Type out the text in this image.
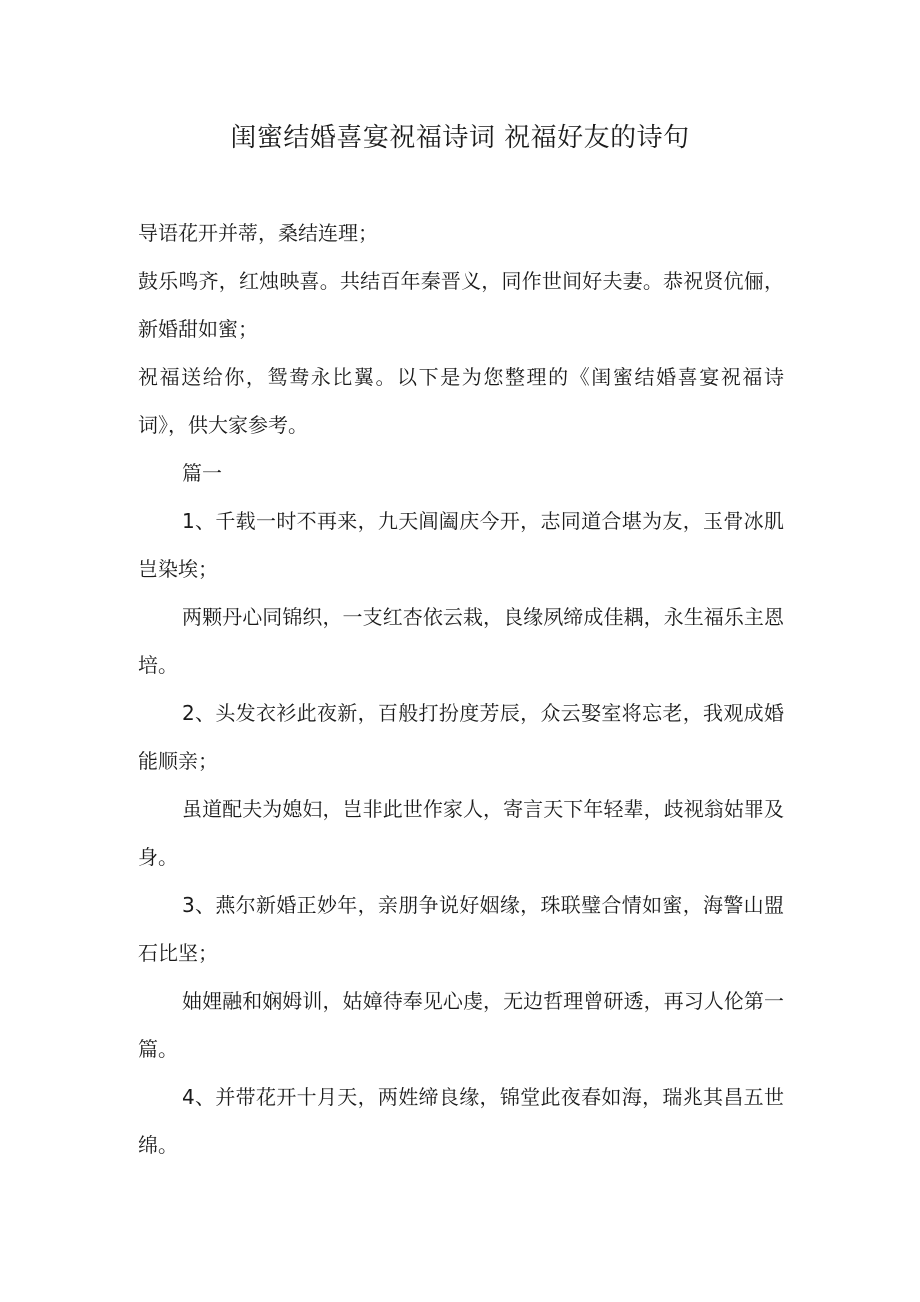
闺蜜结婚喜宴祝福诗词 祝福好友的诗句

导语花开并蒂，桑结连理；

鼓乐鸣齐，红烛映喜。共结百年秦晋义，同作世间好夫妻。恭祝贤伉俪，新婚甜如蜜；

祝福送给你，鸳鸯永比翼。以下是为您整理的《闺蜜结婚喜宴祝福诗词》，供大家参考。

篇一

1、千载一时不再来，九天阊阖庆今开，志同道合堪为友，玉骨冰肌岂染埃；

两颗丹心同锦织，一支红杏依云栽，良缘夙缔成佳耦，永生福乐主恩培。

2、头发衣衫此夜新，百般打扮度芳辰，众云娶室将忘老，我观成婚能顺亲；

虽道配夫为媳妇，岂非此世作家人，寄言天下年轻辈，歧视翁姑罪及身。

3、燕尔新婚正妙年，亲朋争说好姻缘，珠联璧合情如蜜，海警山盟石比坚；

妯娌融和娴姆训，姑嫜待奉见心虔，无边哲理曾研透，再习人伦第一篇。

4、并带花开十月天，两姓缔良缘，锦堂此夜春如海，瑞兆其昌五世绵。
